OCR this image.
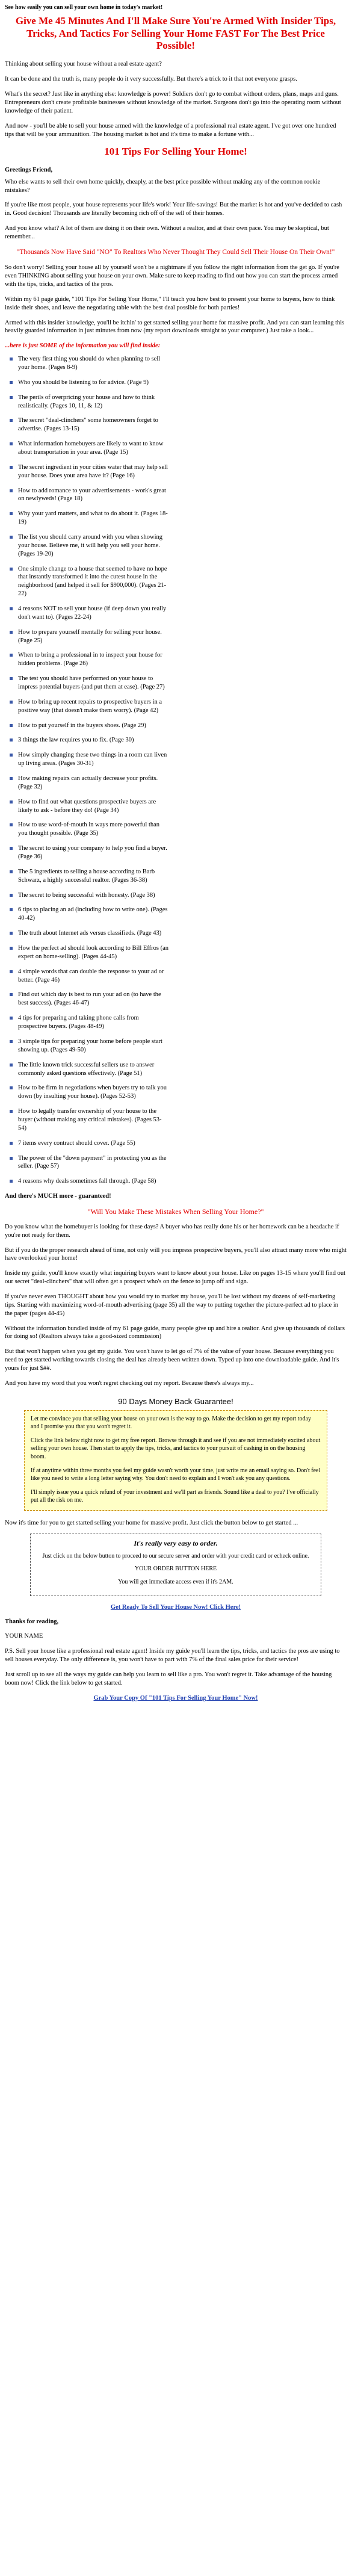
See how easily you can sell your own home in today's market!

Give Me 45 Minutes And I'll Make Sure You're Armed With Insider Tips, Tricks, And Tactics For Selling Your Home FAST For The Best Price Possible!

Thinking about selling your house without a real estate agent?

It can be done and the truth is, many people do it very successfully. But there's a trick to it that not everyone grasps.

What's the secret? Just like in anything else: knowledge is power! Soldiers don't go to combat without orders, plans, maps and guns. Entrepreneurs don't create profitable businesses without knowledge of the market. Surgeons don't go into the operating room without knowledge of their patient.

And now - you'll be able to sell your house armed with the knowledge of a professional real estate agent. I've got over one hundred tips that will be your ammunition. The housing market is hot and it's time to make a fortune with...

101 Tips For Selling Your Home!

Greetings Friend,

Who else wants to sell their own home quickly, cheaply, at the best price possible without making any of the common rookie mistakes?

If you're like most people, your house represents your life's work! Your life-savings! But the market is hot and you've decided to cash in. Good decision! Thousands are literally becoming rich off of the sell of their homes.

And you know what? A lot of them are doing it on their own. Without a realtor, and at their own pace. You may be skeptical, but remember...

"Thousands Now Have Said "NO" To Realtors Who Never Thought They Could Sell Their House On Their Own!"

So don't worry! Selling your house all by yourself won't be a nightmare if you follow the right information from the get go. If you're even THINKING about selling your house on your own. Make sure to keep reading to find out how you can start the process armed with the tips, tricks, and tactics of the pros.

Within my 61 page guide, "101 Tips For Selling Your Home," I'll teach you how best to present your home to buyers, how to think inside their shoes, and leave the negotiating table with the best deal possible for both parties!

Armed with this insider knowledge, you'll be itchin' to get started selling your home for massive profit. And you can start learning this heavily guarded information in just minutes from now (my report downloads straight to your computer.) Just take a look...

...here is just SOME of the information you will find inside:

The very first thing you should do when planning to sell your home. (Pages 8-9)
Who you should be listening to for advice. (Page 9)
The perils of overpricing your house and how to think realistically. (Pages 10, 11, & 12)
The secret "deal-clinchers" some homeowners forget to advertise. (Pages 13-15)
What information homebuyers are likely to want to know about transportation in your area. (Page 15)
The secret ingredient in your cities water that may help sell your house. Does your area have it? (Page 16)
How to add romance to your advertisements - work's great on newlyweds! (Page 18)
Why your yard matters, and what to do about it. (Pages 18-19)
The list you should carry around with you when showing your house. Believe me, it will help you sell your home. (Pages 19-20)
One simple change to a house that seemed to have no hope that instantly transformed it into the cutest house in the neighborhood (and helped it sell for $900,000). (Pages 21-22)
4 reasons NOT to sell your house (if deep down you really don't want to). (Pages 22-24)
How to prepare yourself mentally for selling your house. (Page 25)
When to bring a professional in to inspect your house for hidden problems. (Page 26)
The test you should have performed on your house to impress potential buyers (and put them at ease). (Page 27)
How to bring up recent repairs to prospective buyers in a positive way (that doesn't make them worry). (Page 42)
How to put yourself in the buyers shoes. (Page 29)
3 things the law requires you to fix. (Page 30)
How simply changing these two things in a room can liven up living areas. (Pages 30-31)
How making repairs can actually decrease your profits. (Page 32)
How to find out what questions prospective buyers are likely to ask - before they do! (Page 34)
How to use word-of-mouth in ways more powerful than you thought possible. (Page 35)
The secret to using your company to help you find a buyer. (Page 36)
The 5 ingredients to selling a house according to Barb Schwarz, a highly successful realtor. (Pages 36-38)
The secret to being successful with honesty. (Page 38)
6 tips to placing an ad (including how to write one). (Pages 40-42)
The truth about Internet ads versus classifieds. (Page 43)
How the perfect ad should look according to Bill Effros (an expert on home-selling). (Pages 44-45)
4 simple words that can double the response to your ad or better. (Page 46)
Find out which day is best to run your ad on (to have the best success). (Pages 46-47)
4 tips for preparing and taking phone calls from prospective buyers. (Pages 48-49)
3 simple tips for preparing your home before people start showing up. (Pages 49-50)
The little known trick successful sellers use to answer commonly asked questions effectively. (Page 51)
How to be firm in negotiations when buyers try to talk you down (by insulting your house). (Pages 52-53)
How to legally transfer ownership of your house to the buyer (without making any critical mistakes). (Pages 53-54)
7 items every contract should cover. (Page 55)
The power of the "down payment" in protecting you as the seller. (Page 57)
4 reasons why deals sometimes fall through. (Page 58)

And there's MUCH more - guaranteed!

"Will You Make These Mistakes When Selling Your Home?"

Do you know what the homebuyer is looking for these days? A buyer who has really done his or her homework can be a headache if you're not ready for them.

But if you do the proper research ahead of time, not only will you impress prospective buyers, you'll also attract many more who might have overlooked your home!

Inside my guide, you'll know exactly what inquiring buyers want to know about your house. Like on pages 13-15 where you'll find out our secret "deal-clinchers" that will often get a prospect who's on the fence to jump off and sign.

If you've never even THOUGHT about how you would try to market my house, you'll be lost without my dozens of self-marketing tips. Starting with maximizing word-of-mouth advertising (page 35) all the way to putting together the picture-perfect ad to place in the paper (pages 44-45)

Without the information bundled inside of my 61 page guide, many people give up and hire a realtor. And give up thousands of dollars for doing so! (Realtors always take a good-sized commission)

But that won't happen when you get my guide. You won't have to let go of 7% of the value of your house. Because everything you need to get started working towards closing the deal has already been written down. Typed up into one downloadable guide. And it's yours for just $##.

And you have my word that you won't regret checking out my report. Because there's always my...

90 Days Money Back Guarantee!

Let me convince you that selling your house on your own is the way to go. Make the decision to get my report today and I promise you that you won't regret it.

Click the link below right now to get my free report. Browse through it and see if you are not immediately excited about selling your own house. Then start to apply the tips, tricks, and tactics to your pursuit of cashing in on the housing boom.

If at anytime within three months you feel my guide wasn't worth your time, just write me an email saying so. Don't feel like you need to write a long letter saying why. You don't need to explain and I won't ask you any questions.

I'll simply issue you a quick refund of your investment and we'll part as friends. Sound like a deal to you? I've officially put all the risk on me.

Now it's time for you to get started selling your home for massive profit. Just click the button below to get started ...

It's really very easy to order.

Just click on the below button to proceed to our secure server and order with your credit card or echeck online.

YOUR ORDER BUTTON HERE

You will get immediate access even if it's 2AM.

Get Ready To Sell Your House Now! Click Here!

Thanks for reading,

YOUR NAME

P.S. Sell your house like a professional real estate agent! Inside my guide you'll learn the tips, tricks, and tactics the pros are using to sell houses everyday. The only difference is, you won't have to part with 7% of the final sales price for their service!

Just scroll up to see all the ways my guide can help you learn to sell like a pro. You won't regret it. Take advantage of the housing boom now! Click the link below to get started.

Grab Your Copy Of "101 Tips For Selling Your Home" Now!
